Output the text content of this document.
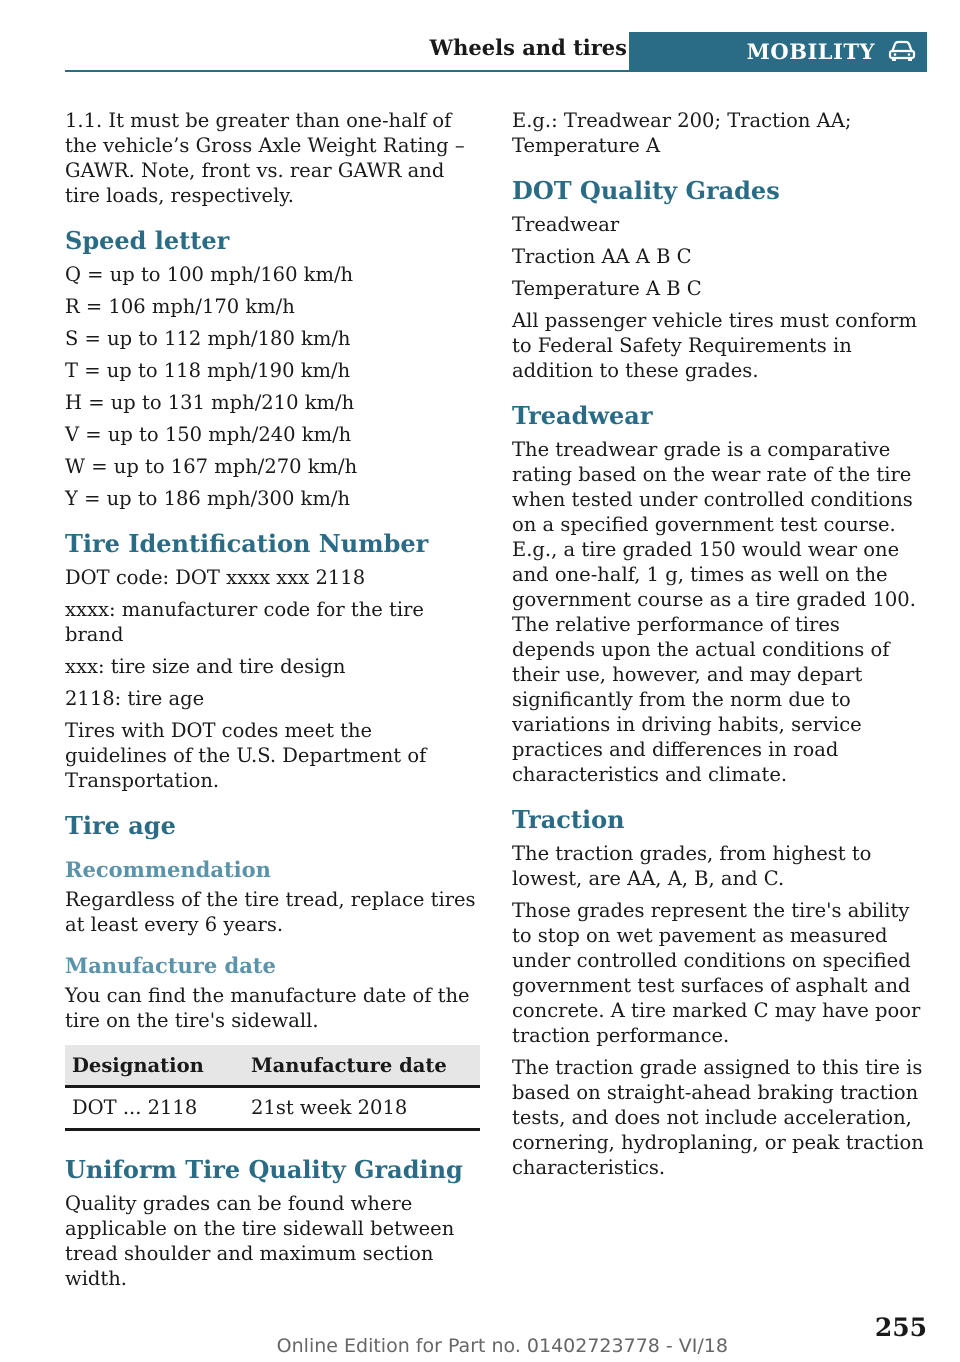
Wheels and tires	MOBILITY

1.1. It must be greater than one-half of the vehicle’s Gross Axle Weight Rating – GAWR. Note, front vs. rear GAWR and tire loads, respectively.

Speed letter

Q = up to 100 mph/160 km/h

R = 106 mph/170 km/h

S = up to 112 mph/180 km/h

T = up to 118 mph/190 km/h

H = up to 131 mph/210 km/h

V = up to 150 mph/240 km/h

W = up to 167 mph/270 km/h

Y = up to 186 mph/300 km/h

Tire Identification Number

DOT code: DOT xxxx xxx 2118

xxxx: manufacturer code for the tire brand

xxx: tire size and tire design

2118: tire age

Tires with DOT codes meet the guidelines of the U.S. Department of Transportation.

Tire age
Recommendation

Regardless of the tire tread, replace tires at least every 6 years.

Manufacture date

You can find the manufacture date of the tire on the tire's sidewall.

Designation	Manufacture date
DOT ... 2118	21st week 2018
Uniform Tire Quality Grading

Quality grades can be found where applicable on the tire sidewall between tread shoulder and maximum section width.

E.g.: Treadwear 200; Traction AA; Temperature A

DOT Quality Grades

Treadwear

Traction AA A B C

Temperature A B C

All passenger vehicle tires must conform to Federal Safety Requirements in addition to these grades.

Treadwear

The treadwear grade is a comparative rating based on the wear rate of the tire when tested under controlled conditions on a specified government test course. E.g., a tire graded 150 would wear one and one-half, 1 g, times as well on the government course as a tire graded 100. The relative performance of tires depends upon the actual conditions of their use, however, and may depart significantly from the norm due to variations in driving habits, service practices and differences in road characteristics and climate.

Traction

The traction grades, from highest to lowest, are AA, A, B, and C.

Those grades represent the tire's ability to stop on wet pavement as measured under controlled conditions on specified government test surfaces of asphalt and concrete. A tire marked C may have poor traction performance.

The traction grade assigned to this tire is based on straight-ahead braking traction tests, and does not include acceleration, cornering, hydroplaning, or peak traction characteristics.

255
Online Edition for Part no. 01402723778 - VI/18
